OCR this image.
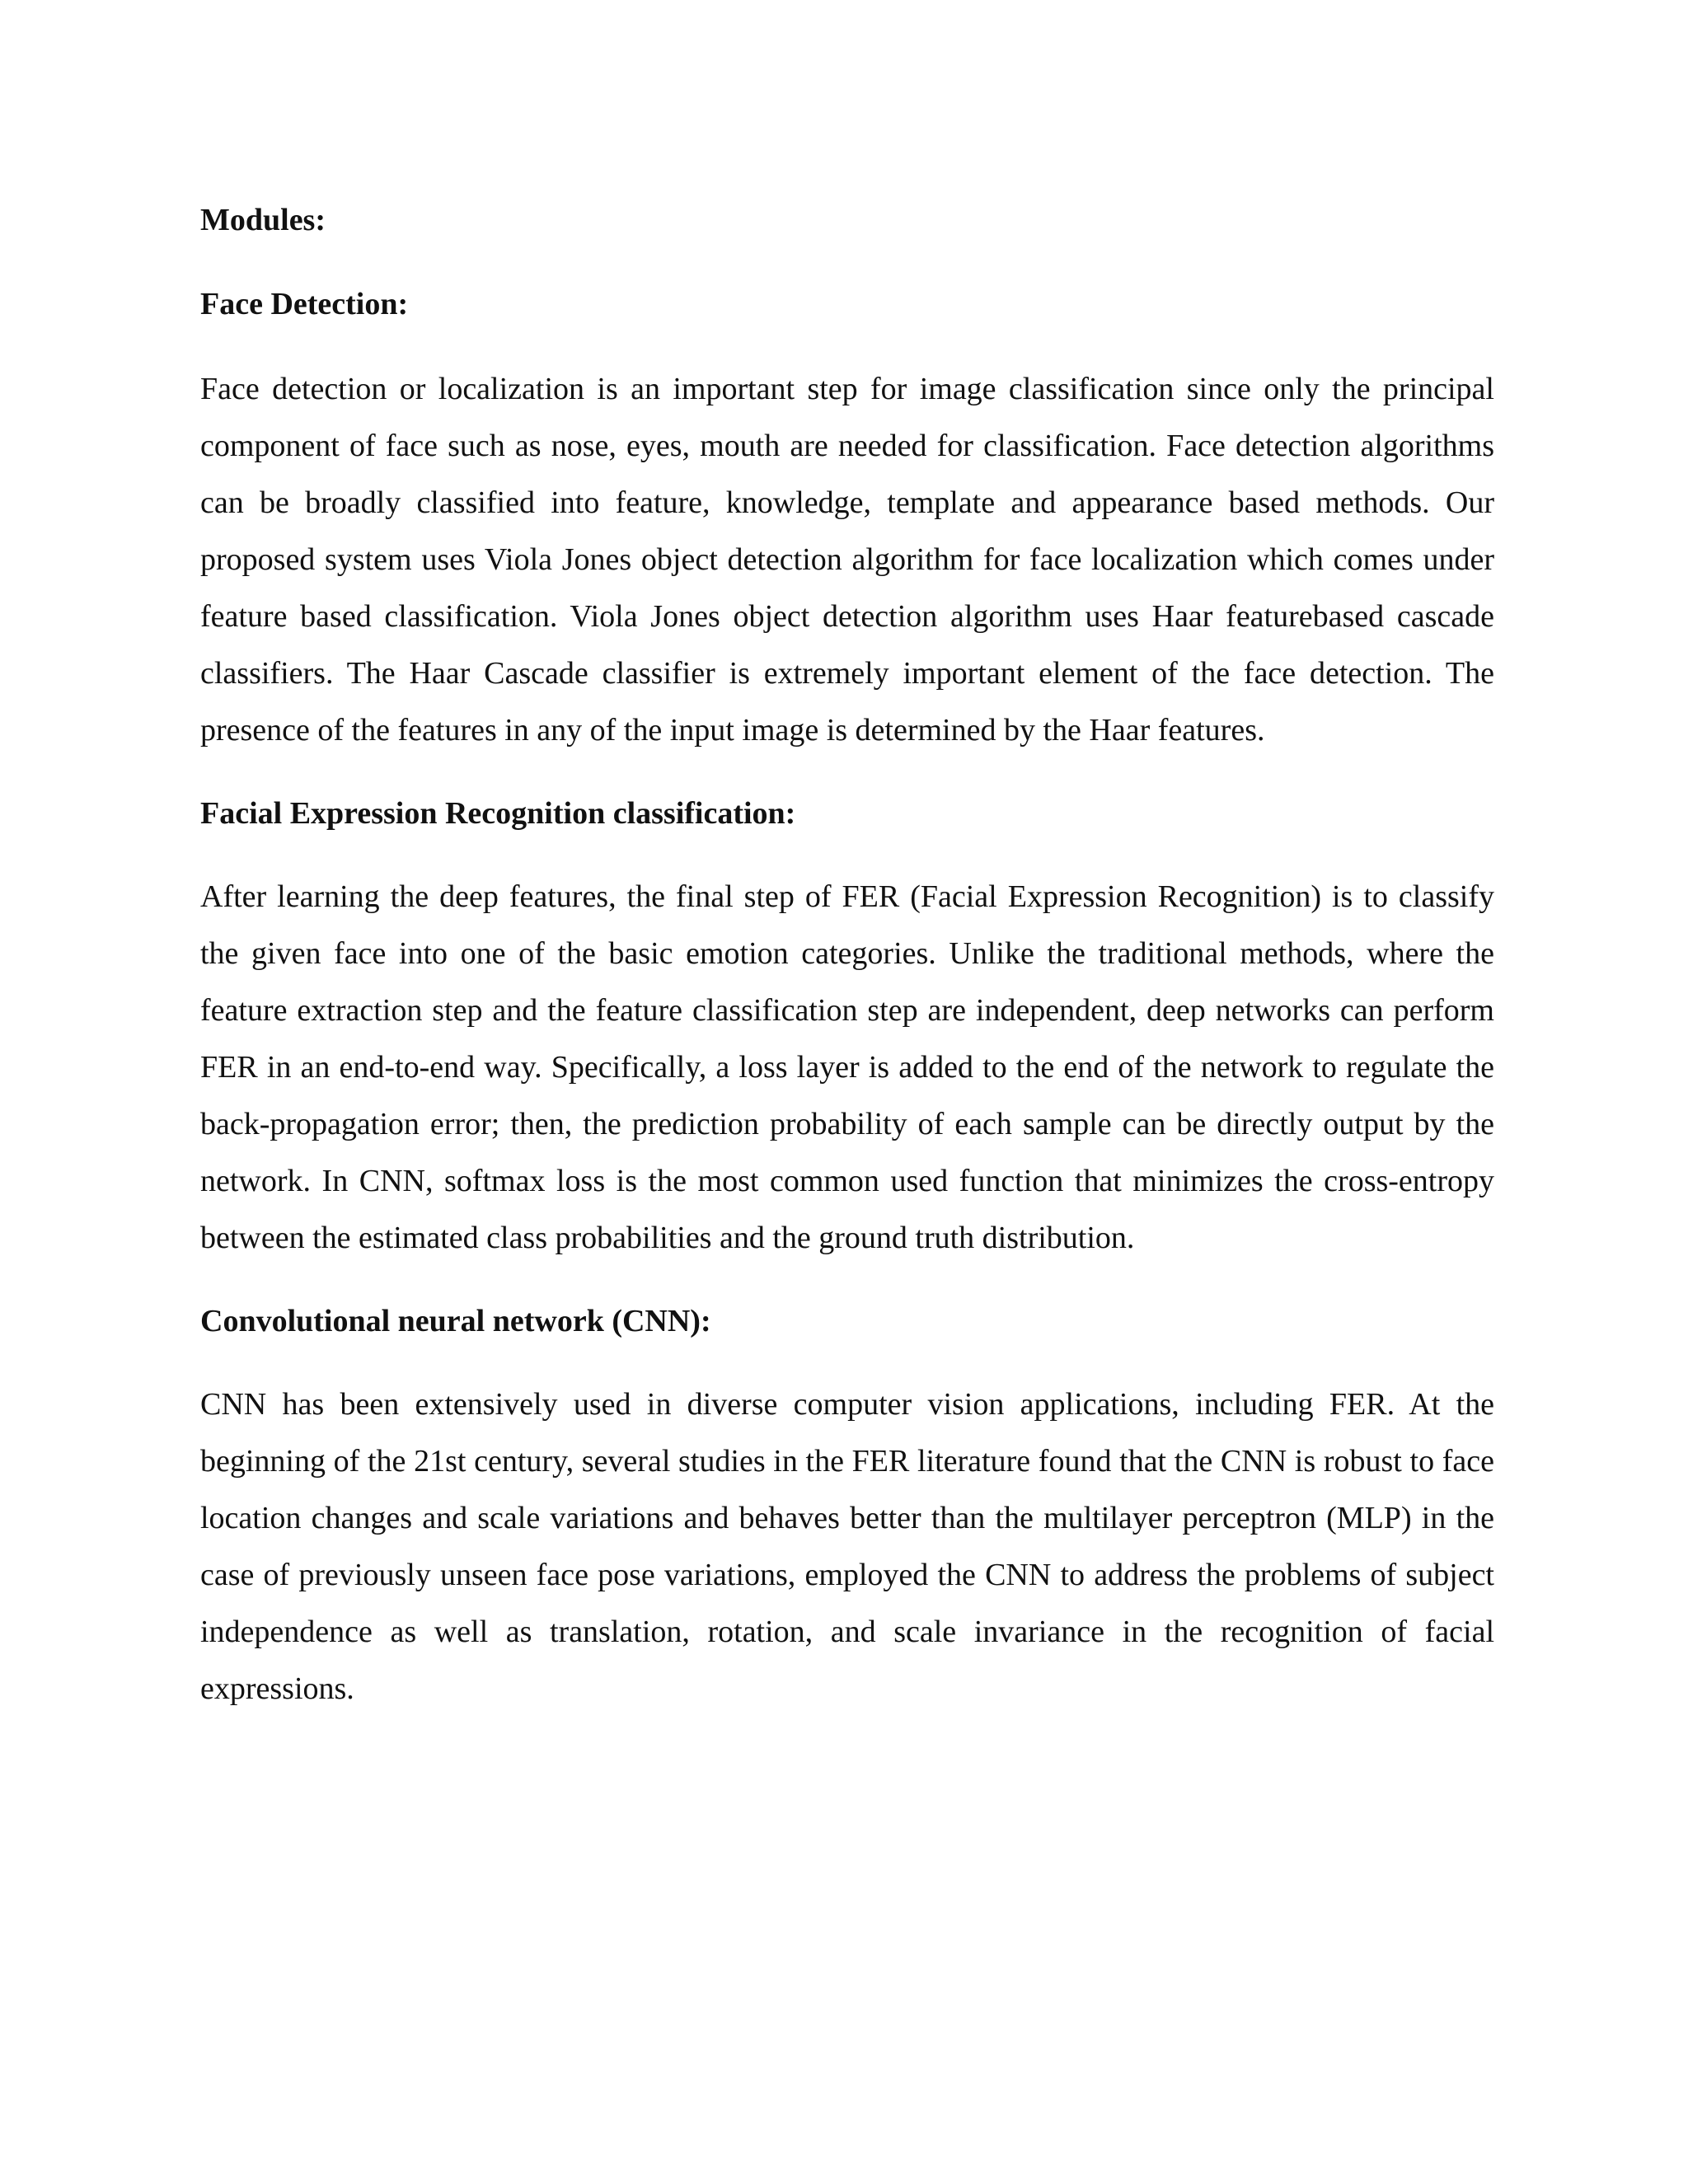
Modules:
Face Detection:

Face detection or localization is an important step for image classification since only the principal component of face such as nose, eyes, mouth are needed for classification. Face detection algorithms can be broadly classified into feature, knowledge, template and appearance based methods. Our proposed system uses Viola Jones object detection algorithm for face localization which comes under feature based classification. Viola Jones object detection algorithm uses Haar featurebased cascade classifiers. The Haar Cascade classifier is extremely important element of the face detection. The presence of the features in any of the input image is determined by the Haar features.

Facial Expression Recognition classification:

After learning the deep features, the final step of FER (Facial Expression Recognition) is to classify the given face into one of the basic emotion categories. Unlike the traditional methods, where the feature extraction step and the feature classification step are independent, deep networks can perform FER in an end-to-end way. Specifically, a loss layer is added to the end of the network to regulate the back-propagation error; then, the prediction probability of each sample can be directly output by the network. In CNN, softmax loss is the most common used function that minimizes the cross-entropy between the estimated class probabilities and the ground truth distribution.

Convolutional neural network (CNN):

CNN has been extensively used in diverse computer vision applications, including FER. At the beginning of the 21st century, several studies in the FER literature found that the CNN is robust to face location changes and scale variations and behaves better than the multilayer perceptron (MLP) in the case of previously unseen face pose variations, employed the CNN to address the problems of subject independence as well as translation, rotation, and scale invariance in the recognition of facial expressions.
